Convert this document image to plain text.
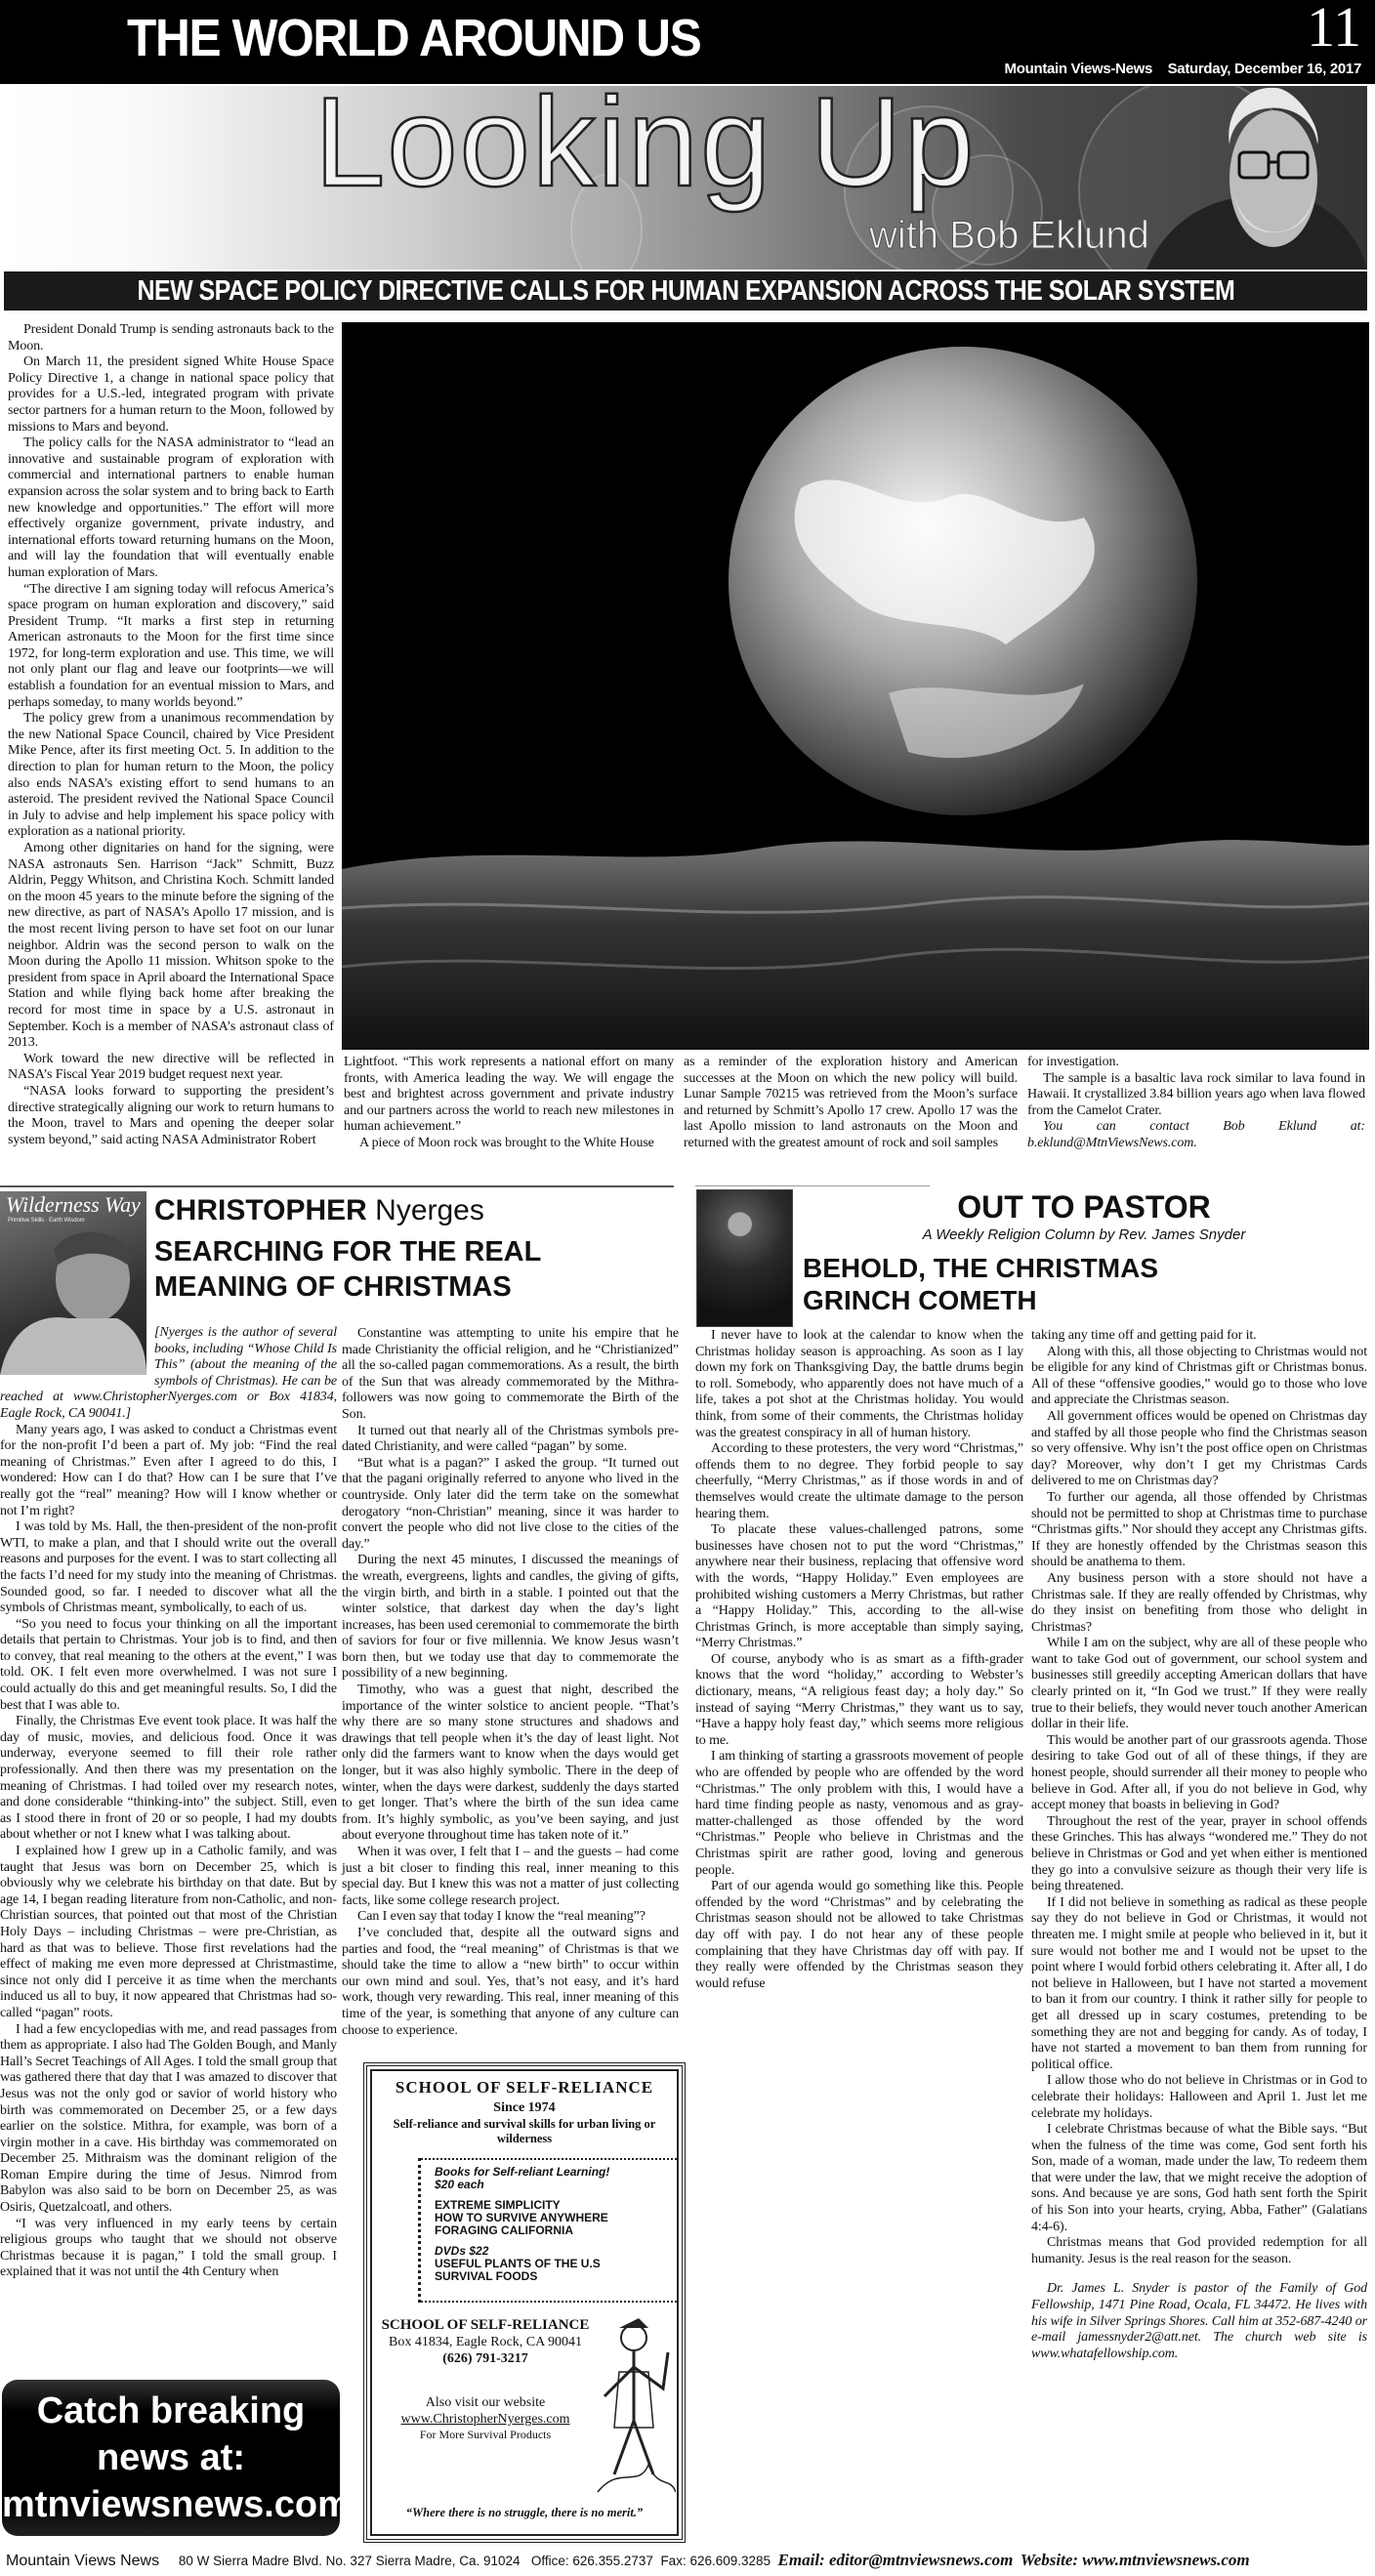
THE WORLD AROUND US	11
Mountain Views-News Saturday, December 16, 2017
Looking Up
with Bob Eklund
NEW SPACE POLICY DIRECTIVE CALLS FOR HUMAN EXPANSION ACROSS THE SOLAR SYSTEM

President Donald Trump is sending astronauts back to the Moon.

On March 11, the president signed White House Space Policy Directive 1, a change in national space policy that provides for a U.S.-led, integrated program with private sector partners for a human return to the Moon, followed by missions to Mars and beyond.

The policy calls for the NASA administrator to “lead an innovative and sustainable program of exploration with commercial and international partners to enable human expansion across the solar system and to bring back to Earth new knowledge and opportunities.” The effort will more effectively organize government, private industry, and international efforts toward returning humans on the Moon, and will lay the foundation that will eventually enable human exploration of Mars.

“The directive I am signing today will refocus America’s space program on human exploration and discovery,” said President Trump. “It marks a first step in returning American astronauts to the Moon for the first time since 1972, for long-term exploration and use. This time, we will not only plant our flag and leave our footprints—we will establish a foundation for an eventual mission to Mars, and perhaps someday, to many worlds beyond.”

The policy grew from a unanimous recommendation by the new National Space Council, chaired by Vice President Mike Pence, after its first meeting Oct. 5. In addition to the direction to plan for human return to the Moon, the policy also ends NASA’s existing effort to send humans to an asteroid. The president revived the National Space Council in July to advise and help implement his space policy with exploration as a national priority.

Among other dignitaries on hand for the signing, were NASA astronauts Sen. Harrison “Jack” Schmitt, Buzz Aldrin, Peggy Whitson, and Christina Koch. Schmitt landed on the moon 45 years to the minute before the signing of the new directive, as part of NASA’s Apollo 17 mission, and is the most recent living person to have set foot on our lunar neighbor. Aldrin was the second person to walk on the Moon during the Apollo 11 mission. Whitson spoke to the president from space in April aboard the International Space Station and while flying back home after breaking the record for most time in space by a U.S. astronaut in September. Koch is a member of NASA’s astronaut class of 2013.

Work toward the new directive will be reflected in NASA’s Fiscal Year 2019 budget request next year.

“NASA looks forward to supporting the president’s directive strategically aligning our work to return humans to the Moon, travel to Mars and opening the deeper solar system beyond,” said acting NASA Administrator Robert

Lightfoot. “This work represents a national effort on many fronts, with America leading the way. We will engage the best and brightest across government and private industry and our partners across the world to reach new milestones in human achievement.”

A piece of Moon rock was brought to the White House

as a reminder of the exploration history and American successes at the Moon on which the new policy will build. Lunar Sample 70215 was retrieved from the Moon’s surface and returned by Schmitt’s Apollo 17 crew. Apollo 17 was the last Apollo mission to land astronauts on the Moon and returned with the greatest amount of rock and soil samples

for investigation.

The sample is a basaltic lava rock similar to lava found in Hawaii. It crystallized 3.84 billion years ago when lava flowed from the Camelot Crater.

You can contact Bob Eklund at: b.eklund@MtnViewsNews.com.

CHRISTOPHER Nyerges
SEARCHING FOR THE REAL
MEANING OF CHRISTMAS
Wilderness Way
Primitive Skills · Earth Wisdom

[Nyerges is the author of several books, including “Whose Child Is This” (about the meaning of the symbols of Christmas). He can be reached at www.ChristopherNyerges.com or Box 41834, Eagle Rock, CA 90041.]

Many years ago, I was asked to conduct a Christmas event for the non-profit I’d been a part of. My job: “Find the real meaning of Christmas.” Even after I agreed to do this, I wondered: How can I do that? How can I be sure that I’ve really got the “real” meaning? How will I know whether or not I’m right?

I was told by Ms. Hall, the then-president of the non-profit WTI, to make a plan, and that I should write out the overall reasons and purposes for the event. I was to start collecting all the facts I’d need for my study into the meaning of Christmas. Sounded good, so far. I needed to discover what all the symbols of Christmas meant, symbolically, to each of us.

“So you need to focus your thinking on all the important details that pertain to Christmas. Your job is to find, and then to convey, that real meaning to the others at the event,” I was told. OK. I felt even more overwhelmed. I was not sure I could actually do this and get meaningful results. So, I did the best that I was able to.

Finally, the Christmas Eve event took place. It was half the day of music, movies, and delicious food. Once it was underway, everyone seemed to fill their role rather professionally. And then there was my presentation on the meaning of Christmas. I had toiled over my research notes, and done considerable “thinking-into” the subject. Still, even as I stood there in front of 20 or so people, I had my doubts about whether or not I knew what I was talking about.

I explained how I grew up in a Catholic family, and was taught that Jesus was born on December 25, which is obviously why we celebrate his birthday on that date. But by age 14, I began reading literature from non-Catholic, and non-Christian sources, that pointed out that most of the Christian Holy Days – including Christmas – were pre-Christian, as hard as that was to believe. Those first revelations had the effect of making me even more depressed at Christmastime, since not only did I perceive it as time when the merchants induced us all to buy, it now appeared that Christmas had so-called “pagan” roots.

I had a few encyclopedias with me, and read passages from them as appropriate. I also had The Golden Bough, and Manly Hall’s Secret Teachings of All Ages. I told the small group that was gathered there that day that I was amazed to discover that Jesus was not the only god or savior of world history who birth was commemorated on December 25, or a few days earlier on the solstice. Mithra, for example, was born of a virgin mother in a cave. His birthday was commemorated on December 25. Mithraism was the dominant religion of the Roman Empire during the time of Jesus. Nimrod from Babylon was also said to be born on December 25, as was Osiris, Quetzalcoatl, and others.

“I was very influenced in my early teens by certain religious groups who taught that we should not observe Christmas because it is pagan,” I told the small group. I explained that it was not until the 4th Century when

Constantine was attempting to unite his empire that he made Christianity the official religion, and he “Christianized” all the so-called pagan commemorations. As a result, the birth of the Sun that was already commemorated by the Mithra-followers was now going to commemorate the Birth of the Son.

It turned out that nearly all of the Christmas symbols pre-dated Christianity, and were called “pagan” by some.

“But what is a pagan?” I asked the group. “It turned out that the pagani originally referred to anyone who lived in the countryside. Only later did the term take on the somewhat derogatory “non-Christian” meaning, since it was harder to convert the people who did not live close to the cities of the day.”

During the next 45 minutes, I discussed the meanings of the wreath, evergreens, lights and candles, the giving of gifts, the virgin birth, and birth in a stable. I pointed out that the winter solstice, that darkest day when the day’s light increases, has been used ceremonial to commemorate the birth of saviors for four or five millennia. We know Jesus wasn’t born then, but we today use that day to commemorate the possibility of a new beginning.

Timothy, who was a guest that night, described the importance of the winter solstice to ancient people. “That’s why there are so many stone structures and shadows and drawings that tell people when it’s the day of least light. Not only did the farmers want to know when the days would get longer, but it was also highly symbolic. There in the deep of winter, when the days were darkest, suddenly the days started to get longer. That’s where the birth of the sun idea came from. It’s highly symbolic, as you’ve been saying, and just about everyone throughout time has taken note of it.”

When it was over, I felt that I – and the guests – had come just a bit closer to finding this real, inner meaning to this special day. But I knew this was not a matter of just collecting facts, like some college research project.

Can I even say that today I know the “real meaning”?

I’ve concluded that, despite all the outward signs and parties and food, the “real meaning” of Christmas is that we should take the time to allow a “new birth” to occur within our own mind and soul. Yes, that’s not easy, and it’s hard work, though very rewarding. This real, inner meaning of this time of the year, is something that anyone of any culture can choose to experience.

SCHOOL OF SELF-RELIANCE
Since 1974
Self-reliance and survival skills for urban living or wilderness
Books for Self-reliant Learning!
$20 each
EXTREME SIMPLICITY
HOW TO SURVIVE ANYWHERE
FORAGING CALIFORNIA
DVDs $22
USEFUL PLANTS OF THE U.S
SURVIVAL FOODS
SCHOOL OF SELF-RELIANCE
Box 41834, Eagle Rock, CA 90041
(626) 791-3217
Also visit our website
www.ChristopherNyerges.com
For More Survival Products
“Where there is no struggle, there is no merit.”
Catch breaking
news at:
mtnviewsnews.com
OUT TO PASTOR
A Weekly Religion Column by Rev. James Snyder
BEHOLD, THE CHRISTMAS
GRINCH COMETH

I never have to look at the calendar to know when the Christmas holiday season is approaching. As soon as I lay down my fork on Thanksgiving Day, the battle drums begin to roll. Somebody, who apparently does not have much of a life, takes a pot shot at the Christmas holiday. You would think, from some of their comments, the Christmas holiday was the greatest conspiracy in all of human history.

According to these protesters, the very word “Christmas,” offends them to no degree. They forbid people to say cheerfully, “Merry Christmas,” as if those words in and of themselves would create the ultimate damage to the person hearing them.

To placate these values-challenged patrons, some businesses have chosen not to put the word “Christmas,” anywhere near their business, replacing that offensive word with the words, “Happy Holiday.” Even employees are prohibited wishing customers a Merry Christmas, but rather a “Happy Holiday.” This, according to the all-wise Christmas Grinch, is more acceptable than simply saying, “Merry Christmas.”

Of course, anybody who is as smart as a fifth-grader knows that the word “holiday,” according to Webster’s dictionary, means, “A religious feast day; a holy day.” So instead of saying “Merry Christmas,” they want us to say, “Have a happy holy feast day,” which seems more religious to me.

I am thinking of starting a grassroots movement of people who are offended by people who are offended by the word “Christmas.” The only problem with this, I would have a hard time finding people as nasty, venomous and as gray-matter-challenged as those offended by the word “Christmas.” People who believe in Christmas and the Christmas spirit are rather good, loving and generous people.

Part of our agenda would go something like this. People offended by the word “Christmas” and by celebrating the Christmas season should not be allowed to take Christmas day off with pay. I do not hear any of these people complaining that they have Christmas day off with pay. If they really were offended by the Christmas season they would refuse

taking any time off and getting paid for it.

Along with this, all those objecting to Christmas would not be eligible for any kind of Christmas gift or Christmas bonus. All of these “offensive goodies,” would go to those who love and appreciate the Christmas season.

All government offices would be opened on Christmas day and staffed by all those people who find the Christmas season so very offensive. Why isn’t the post office open on Christmas day? Moreover, why don’t I get my Christmas Cards delivered to me on Christmas day?

To further our agenda, all those offended by Christmas should not be permitted to shop at Christmas time to purchase “Christmas gifts.” Nor should they accept any Christmas gifts. If they are honestly offended by the Christmas season this should be anathema to them.

Any business person with a store should not have a Christmas sale. If they are really offended by Christmas, why do they insist on benefiting from those who delight in Christmas?

While I am on the subject, why are all of these people who want to take God out of government, our school system and businesses still greedily accepting American dollars that have clearly printed on it, “In God we trust.” If they were really true to their beliefs, they would never touch another American dollar in their life.

This would be another part of our grassroots agenda. Those desiring to take God out of all of these things, if they are honest people, should surrender all their money to people who believe in God. After all, if you do not believe in God, why accept money that boasts in believing in God?

Throughout the rest of the year, prayer in school offends these Grinches. This has always “wondered me.” They do not believe in Christmas or God and yet when either is mentioned they go into a convulsive seizure as though their very life is being threatened.

If I did not believe in something as radical as these people say they do not believe in God or Christmas, it would not threaten me. I might smile at people who believed in it, but it sure would not bother me and I would not be upset to the point where I would forbid others celebrating it. After all, I do not believe in Halloween, but I have not started a movement to ban it from our country. I think it rather silly for people to get all dressed up in scary costumes, pretending to be something they are not and begging for candy. As of today, I have not started a movement to ban them from running for political office.

I allow those who do not believe in Christmas or in God to celebrate their holidays: Halloween and April 1. Just let me celebrate my holidays.

I celebrate Christmas because of what the Bible says. “But when the fulness of the time was come, God sent forth his Son, made of a woman, made under the law, To redeem them that were under the law, that we might receive the adoption of sons. And because ye are sons, God hath sent forth the Spirit of his Son into your hearts, crying, Abba, Father” (Galatians 4:4-6).

Christmas means that God provided redemption for all humanity. Jesus is the real reason for the season.

Dr. James L. Snyder is pastor of the Family of God Fellowship, 1471 Pine Road, Ocala, FL 34472. He lives with his wife in Silver Springs Shores. Call him at 352-687-4240 or e-mail jamessnyder2@att.net. The church web site is www.whatafellowship.com.

Mountain Views News 80 W Sierra Madre Blvd. No. 327 Sierra Madre, Ca. 91024 Office: 626.355.2737 Fax: 626.609.3285 Email: editor@mtnviewsnews.com Website: www.mtnviewsnews.com
